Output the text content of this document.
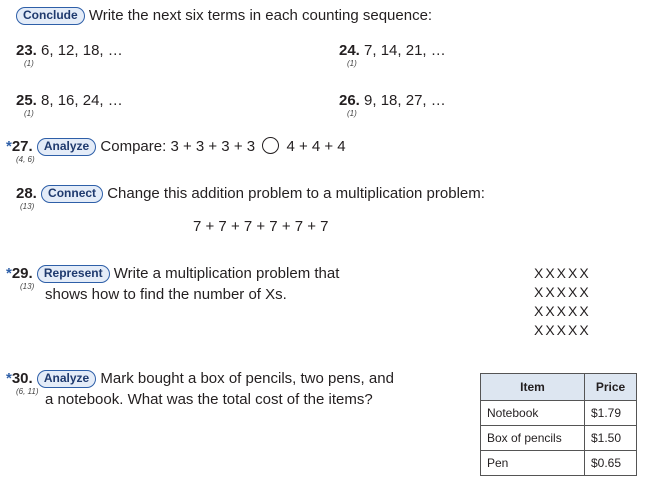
Conclude Write the next six terms in each counting sequence:
23. 6, 12, 18, …
(1)
24. 7, 14, 21, …
(1)
25. 8, 16, 24, …
(1)
26. 9, 18, 27, …
(1)
*27. Analyze Compare: 3 + 3 + 3 + 3 4 + 4 + 4
(4, 6)
28. Connect Change this addition problem to a multiplication problem:
(13)
7 + 7 + 7 + 7 + 7 + 7
*29. Represent Write a multiplication problem that
(13) shows how to find the number of Xs.
XXXXX
XXXXX
XXXXX
XXXXX
*30. Analyze Mark bought a box of pencils, two pens, and
(6, 11) a notebook. What was the total cost of the items?
Item	Price
Notebook	$1.79
Box of pencils	$1.50
Pen	$0.65
